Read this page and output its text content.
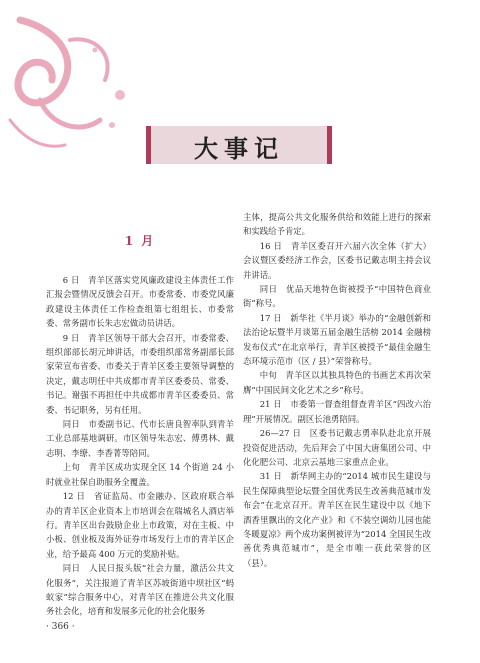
大事记
1 月

6 日　青羊区落实党风廉政建设主体责任工作汇报会暨情况反馈会召开。市委常委、市委党风廉政建设主体责任工作检查组第七组组长、市委常委、常务副市长朱志宏做动员讲话。

9 日　青羊区领导干部大会召开，市委常委、组织部部长胡元坤讲话，市委组织部常务副部长邱家荣宣布省委、市委关于青羊区委主要领导调整的决定，戴志明任中共成都市青羊区委委员、常委、书记。谢强不再担任中共成都市青羊区委委员、常委、书记职务，另有任用。

同日　市委副书记、代市长唐良智率队到青羊工业总部基地调研。市区领导朱志宏、傅勇林、戴志明、李缭、李香菁等陪同。

上旬　青羊区成功实现全区 14 个街道 24 小时就业社保自助服务全覆盖。

12 日　省证监局、市金融办、区政府联合举办的青羊区企业资本上市培训会在瑞城名人酒店举行。青羊区出台鼓励企业上市政策，对在主板、中小板、创业板及海外证券市场发行上市的青羊区企业，给予最高 400 万元的奖励补贴。

同日　人民日报头版“社会力量，激活公共文化服务”，关注报道了青羊区苏坡街道中坝社区“蚂蚁家”综合服务中心，对青羊区在推进公共文化服务社会化，培育和发展多元化的社会化服务

主体，提高公共文化服务供给和效能上进行的探索和实践给予肯定。

16 日　青羊区委召开六届六次全体（扩大）会议暨区委经济工作会，区委书记戴志明主持会议并讲话。

同日　优品天地特色街被授予“中国特色商业街”称号。

17 日　新华社《半月谈》举办的“金融创新和法治论坛暨半月谈第五届金融生活榜 2014 金融榜发布仪式”在北京举行，青羊区被授予“最佳金融生态环境示范市（区 / 县）”荣誉称号。

中旬　青羊区以其独具特色的书画艺术再次荣膺“中国民间文化艺术之乡”称号。

21 日　市委第一督查组督查青羊区“四改六治理”开展情况。副区长池勇陪同。

26—27 日　区委书记戴志勇率队赴北京开展投资促进活动，先后拜会了中国大唐集团公司、中化化肥公司、北京云基地三家重点企业。

31 日　新华网主办的“2014 城市民生建设与民生保障典型论坛暨全国优秀民生改善典范城市发布会”在北京召开。青羊区在民生建设中以《地下酒香里飘出的文化产业》和《不装空调幼儿园也能冬暖夏凉》两个成功案例被评为“2014 全国民生改善优秀典范城市”，是全市唯一获此荣誉的区（县）。

· 366 ·
